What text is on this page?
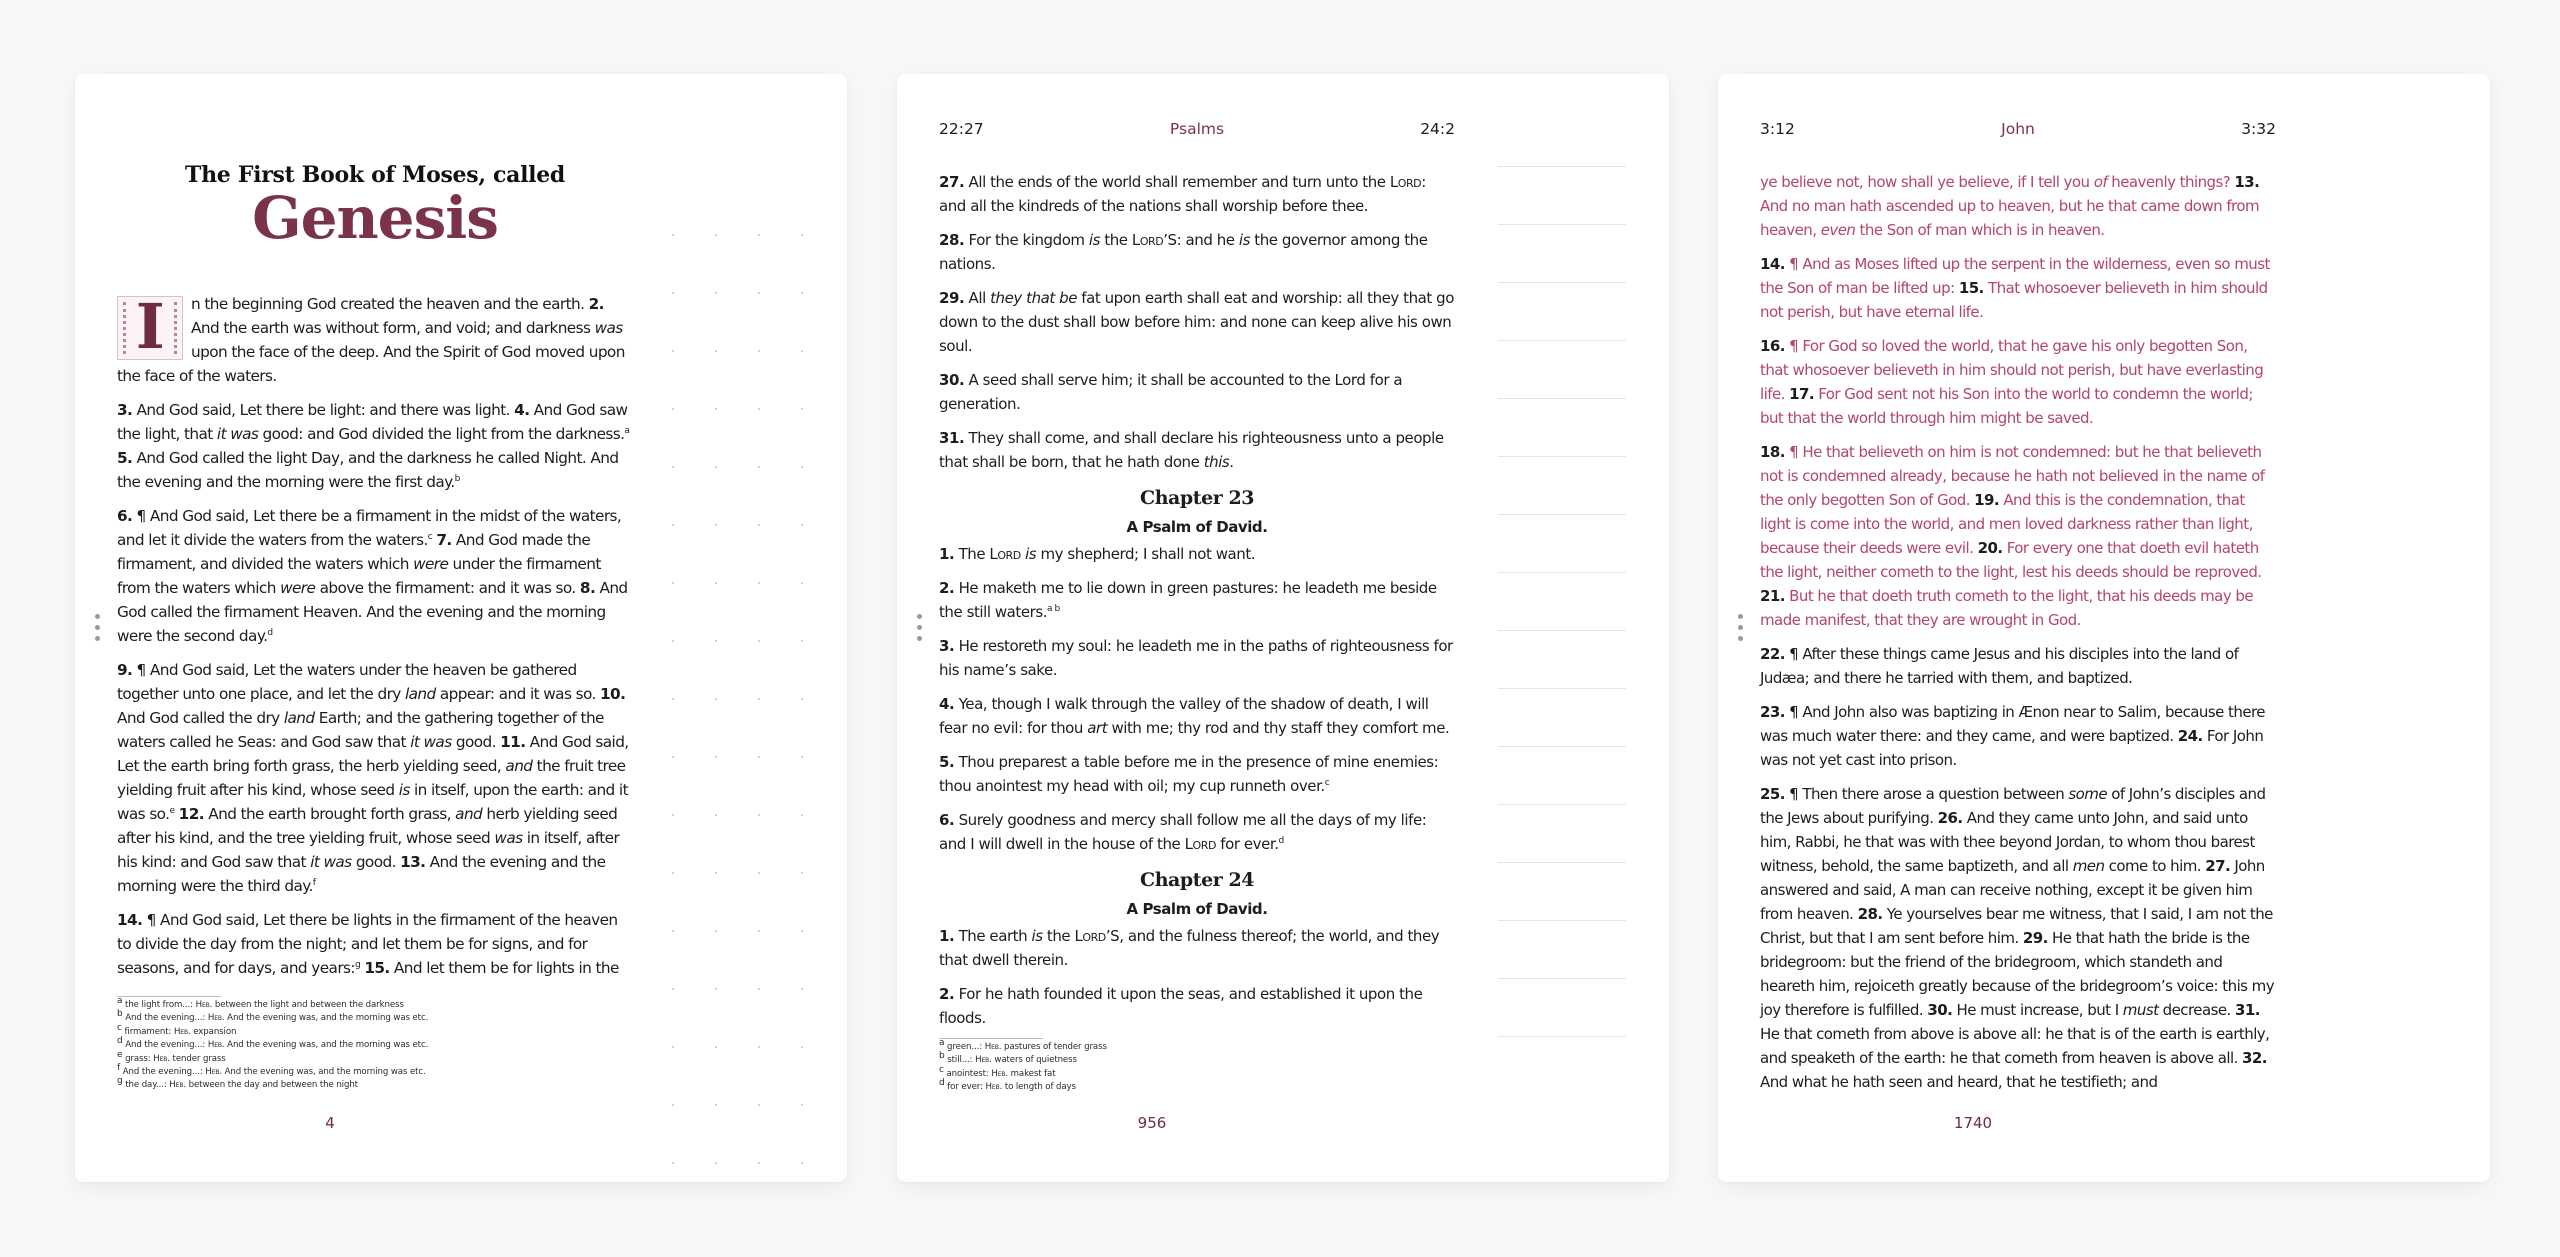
The First Book of Moses, called
Genesis
I	n the beginning God created the heaven and the earth. 2. And the earth was without form, and void; and darkness was upon the face of the deep. And the Spirit of God moved upon the face of the waters.

3. And God said, Let there be light: and there was light. 4. And God saw the light, that it was good: and God divided the light from the darkness.$^a$ 5. And God called the light Day, and the darkness he called Night. And the evening and the morning were the first day.$^b$

6. ¶ And God said, Let there be a firmament in the midst of the waters, and let it divide the waters from the waters.$^c$ 7. And God made the firmament, and divided the waters which were under the firmament from the waters which were above the firmament: and it was so. 8. And God called the firmament Heaven. And the evening and the morning were the second day.$^d$

9. ¶ And God said, Let the waters under the heaven be gathered together unto one place, and let the dry land appear: and it was so. 10. And God called the dry land Earth; and the gathering together of the waters called he Seas: and God saw that it was good. 11. And God said, Let the earth bring forth grass, the herb yielding seed, and the fruit tree yielding fruit after his kind, whose seed is in itself, upon the earth: and it was so.$^e$ 12. And the earth brought forth grass, and herb yielding seed after his kind, and the tree yielding fruit, whose seed was in itself, after his kind: and God saw that it was good. 13. And the evening and the morning were the third day.$^f$

14. ¶ And God said, Let there be lights in the firmament of the heaven to divide the day from the night; and let them be for signs, and for seasons, and for days, and years:$^g$ 15. And let them be for lights in the

$^a$ the light from...: Heb. between the light and between the darkness
$^b$ And the evening...: Heb. And the evening was, and the morning was etc.
$^c$ firmament: Heb. expansion
$^d$ And the evening...: Heb. And the evening was, and the morning was etc.
$^e$ grass: Heb. tender grass
$^f$ And the evening...: Heb. And the evening was, and the morning was etc.
$^g$ the day...: Heb. between the day and between the night
4
22:27	Psalms	24:2

27. All the ends of the world shall remember and turn unto the Lord: and all the kindreds of the nations shall worship before thee.

28. For the kingdom is the Lord’S: and he is the governor among the nations.

29. All they that be fat upon earth shall eat and worship: all they that go down to the dust shall bow before him: and none can keep alive his own soul.

30. A seed shall serve him; it shall be accounted to the Lord for a generation.

31. They shall come, and shall declare his righteousness unto a people that shall be born, that he hath done this.

Chapter 23
A Psalm of David.

1. The Lord is my shepherd; I shall not want.

2. He maketh me to lie down in green pastures: he leadeth me beside the still waters.$^{a b}$

3. He restoreth my soul: he leadeth me in the paths of righteousness for his name’s sake.

4. Yea, though I walk through the valley of the shadow of death, I will fear no evil: for thou art with me; thy rod and thy staff they comfort me.

5. Thou preparest a table before me in the presence of mine enemies: thou anointest my head with oil; my cup runneth over.$^c$

6. Surely goodness and mercy shall follow me all the days of my life: and I will dwell in the house of the Lord for ever.$^d$

Chapter 24
A Psalm of David.

1. The earth is the Lord’S, and the fulness thereof; the world, and they that dwell therein.

2. For he hath founded it upon the seas, and established it upon the floods.

$^a$ green...: Heb. pastures of tender grass
$^b$ still...: Heb. waters of quietness
$^c$ anointest: Heb. makest fat
$^d$ for ever: Heb. to length of days
956
3:12	John	3:32

ye believe not, how shall ye believe, if I tell you of heavenly things? 13. And no man hath ascended up to heaven, but he that came down from heaven, even the Son of man which is in heaven.

14. ¶ And as Moses lifted up the serpent in the wilderness, even so must the Son of man be lifted up: 15. That whosoever believeth in him should not perish, but have eternal life.

16. ¶ For God so loved the world, that he gave his only begotten Son, that whosoever believeth in him should not perish, but have everlasting life. 17. For God sent not his Son into the world to condemn the world; but that the world through him might be saved.

18. ¶ He that believeth on him is not condemned: but he that believeth not is condemned already, because he hath not believed in the name of the only begotten Son of God. 19. And this is the condemnation, that light is come into the world, and men loved darkness rather than light, because their deeds were evil. 20. For every one that doeth evil hateth the light, neither cometh to the light, lest his deeds should be reproved. 21. But he that doeth truth cometh to the light, that his deeds may be made manifest, that they are wrought in God.

22. ¶ After these things came Jesus and his disciples into the land of Judæa; and there he tarried with them, and baptized.

23. ¶ And John also was baptizing in Ænon near to Salim, because there was much water there: and they came, and were baptized. 24. For John was not yet cast into prison.

25. ¶ Then there arose a question between some of John’s disciples and the Jews about purifying. 26. And they came unto John, and said unto him, Rabbi, he that was with thee beyond Jordan, to whom thou barest witness, behold, the same baptizeth, and all men come to him. 27. John answered and said, A man can receive nothing, except it be given him from heaven. 28. Ye yourselves bear me witness, that I said, I am not the Christ, but that I am sent before him. 29. He that hath the bride is the bridegroom: but the friend of the bridegroom, which standeth and heareth him, rejoiceth greatly because of the bridegroom’s voice: this my joy therefore is fulfilled. 30. He must increase, but I must decrease. 31. He that cometh from above is above all: he that is of the earth is earthly, and speaketh of the earth: he that cometh from heaven is above all. 32. And what he hath seen and heard, that he testifieth; and

1740
